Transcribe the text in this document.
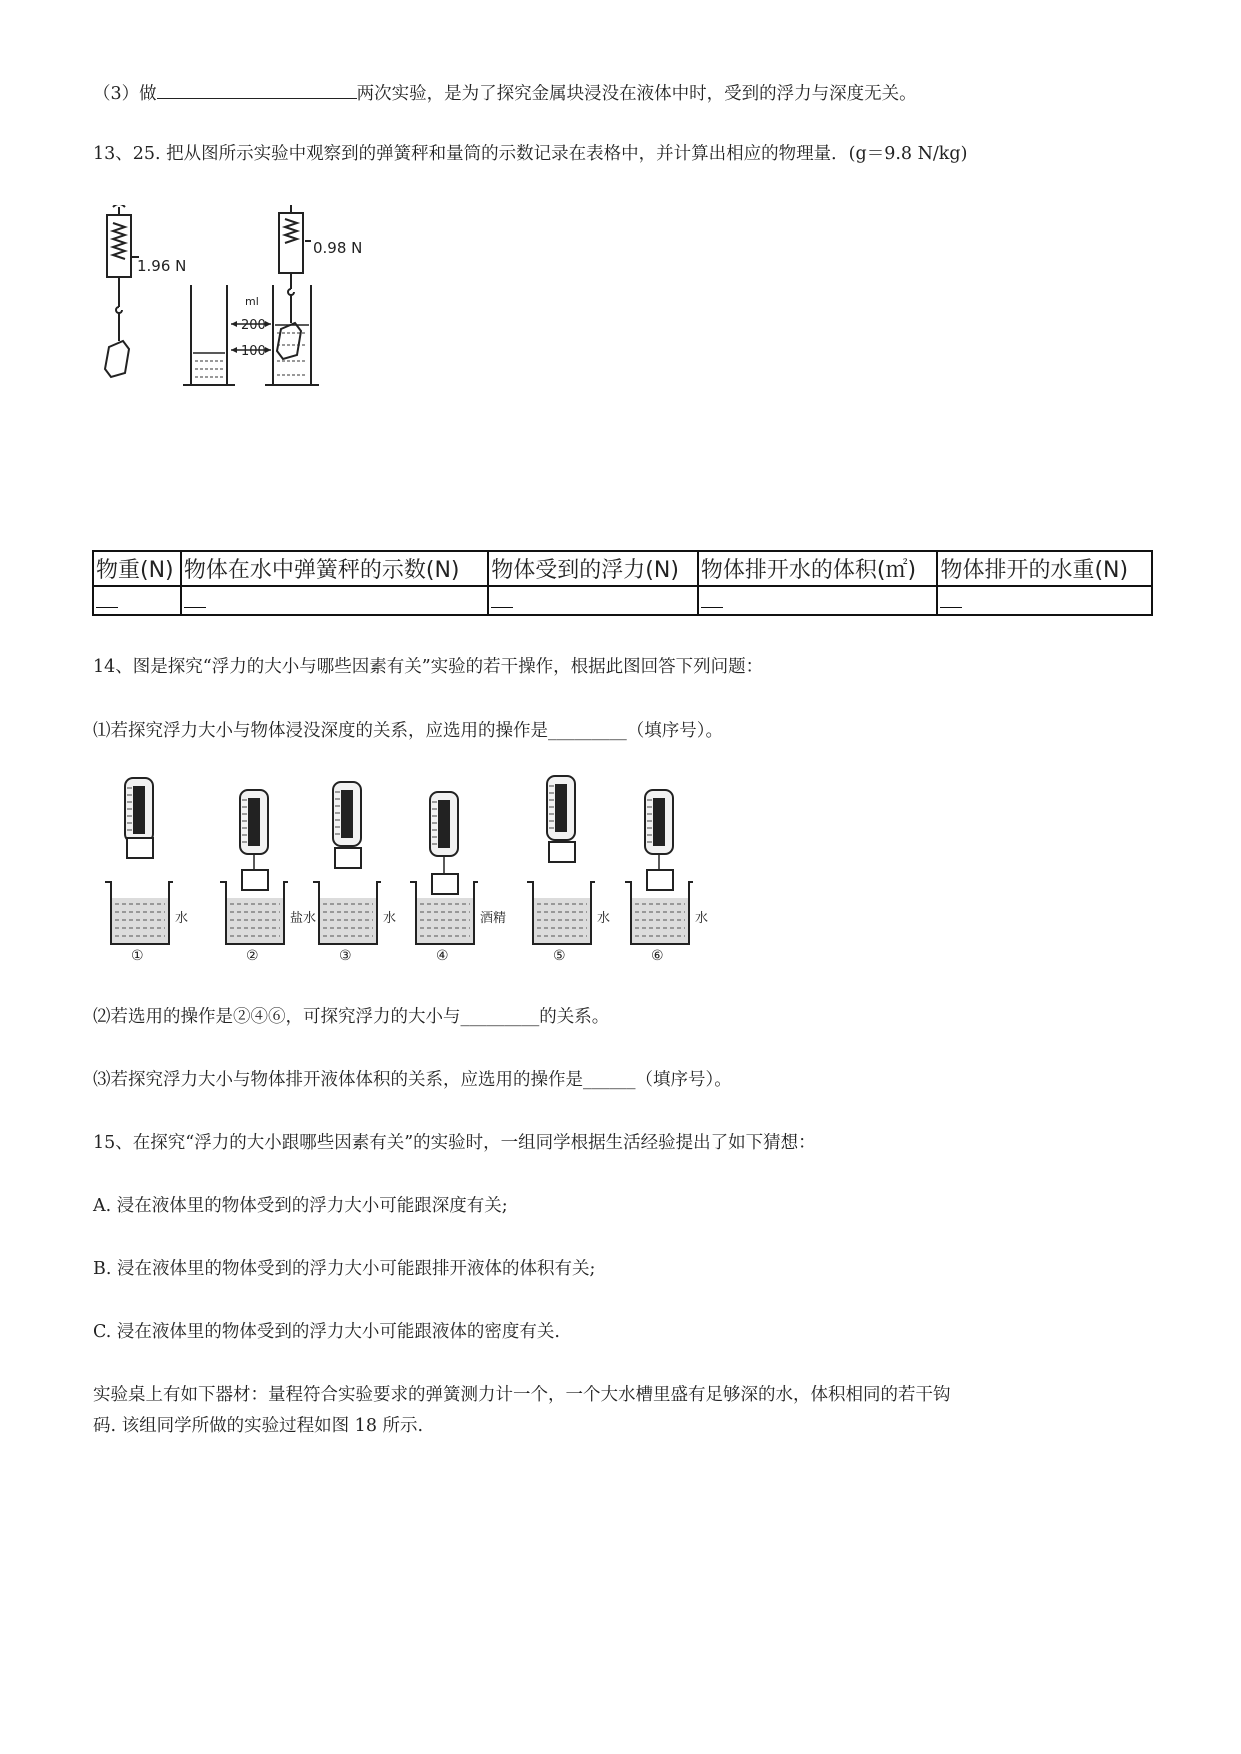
（3）做	两次实验，是为了探究金属块浸没在液体中时，受到的浮力与深度无关。
13、25. 把从图所示实验中观察到的弹簧秤和量筒的示数记录在表格中，并计算出相应的物理量．(g＝9.8 N/kg)
1.96 N
0.98 N
ml
200
100
物重(N)	物体在水中弹簧秤的示数(N)	物体受到的浮力(N)	物体排开水的体积(㎡)	物体排开的水重(N)

14、图是探究“浮力的大小与哪些因素有关”实验的若干操作，根据此图回答下列问题：
⑴若探究浮力大小与物体浸没深度的关系，应选用的操作是_________（填序号）。
水
①
盐水
②
水
③
酒精
④
水
⑤
水
⑥
⑵若选用的操作是②④⑥，可探究浮力的大小与_________的关系。
⑶若探究浮力大小与物体排开液体体积的关系，应选用的操作是______（填序号）。
15、在探究“浮力的大小跟哪些因素有关”的实验时，一组同学根据生活经验提出了如下猜想：
A. 浸在液体里的物体受到的浮力大小可能跟深度有关;
B. 浸在液体里的物体受到的浮力大小可能跟排开液体的体积有关;
C. 浸在液体里的物体受到的浮力大小可能跟液体的密度有关.
实验桌上有如下器材：量程符合实验要求的弹簧测力计一个，一个大水槽里盛有足够深的水，体积相同的若干钩
码. 该组同学所做的实验过程如图 18 所示.
